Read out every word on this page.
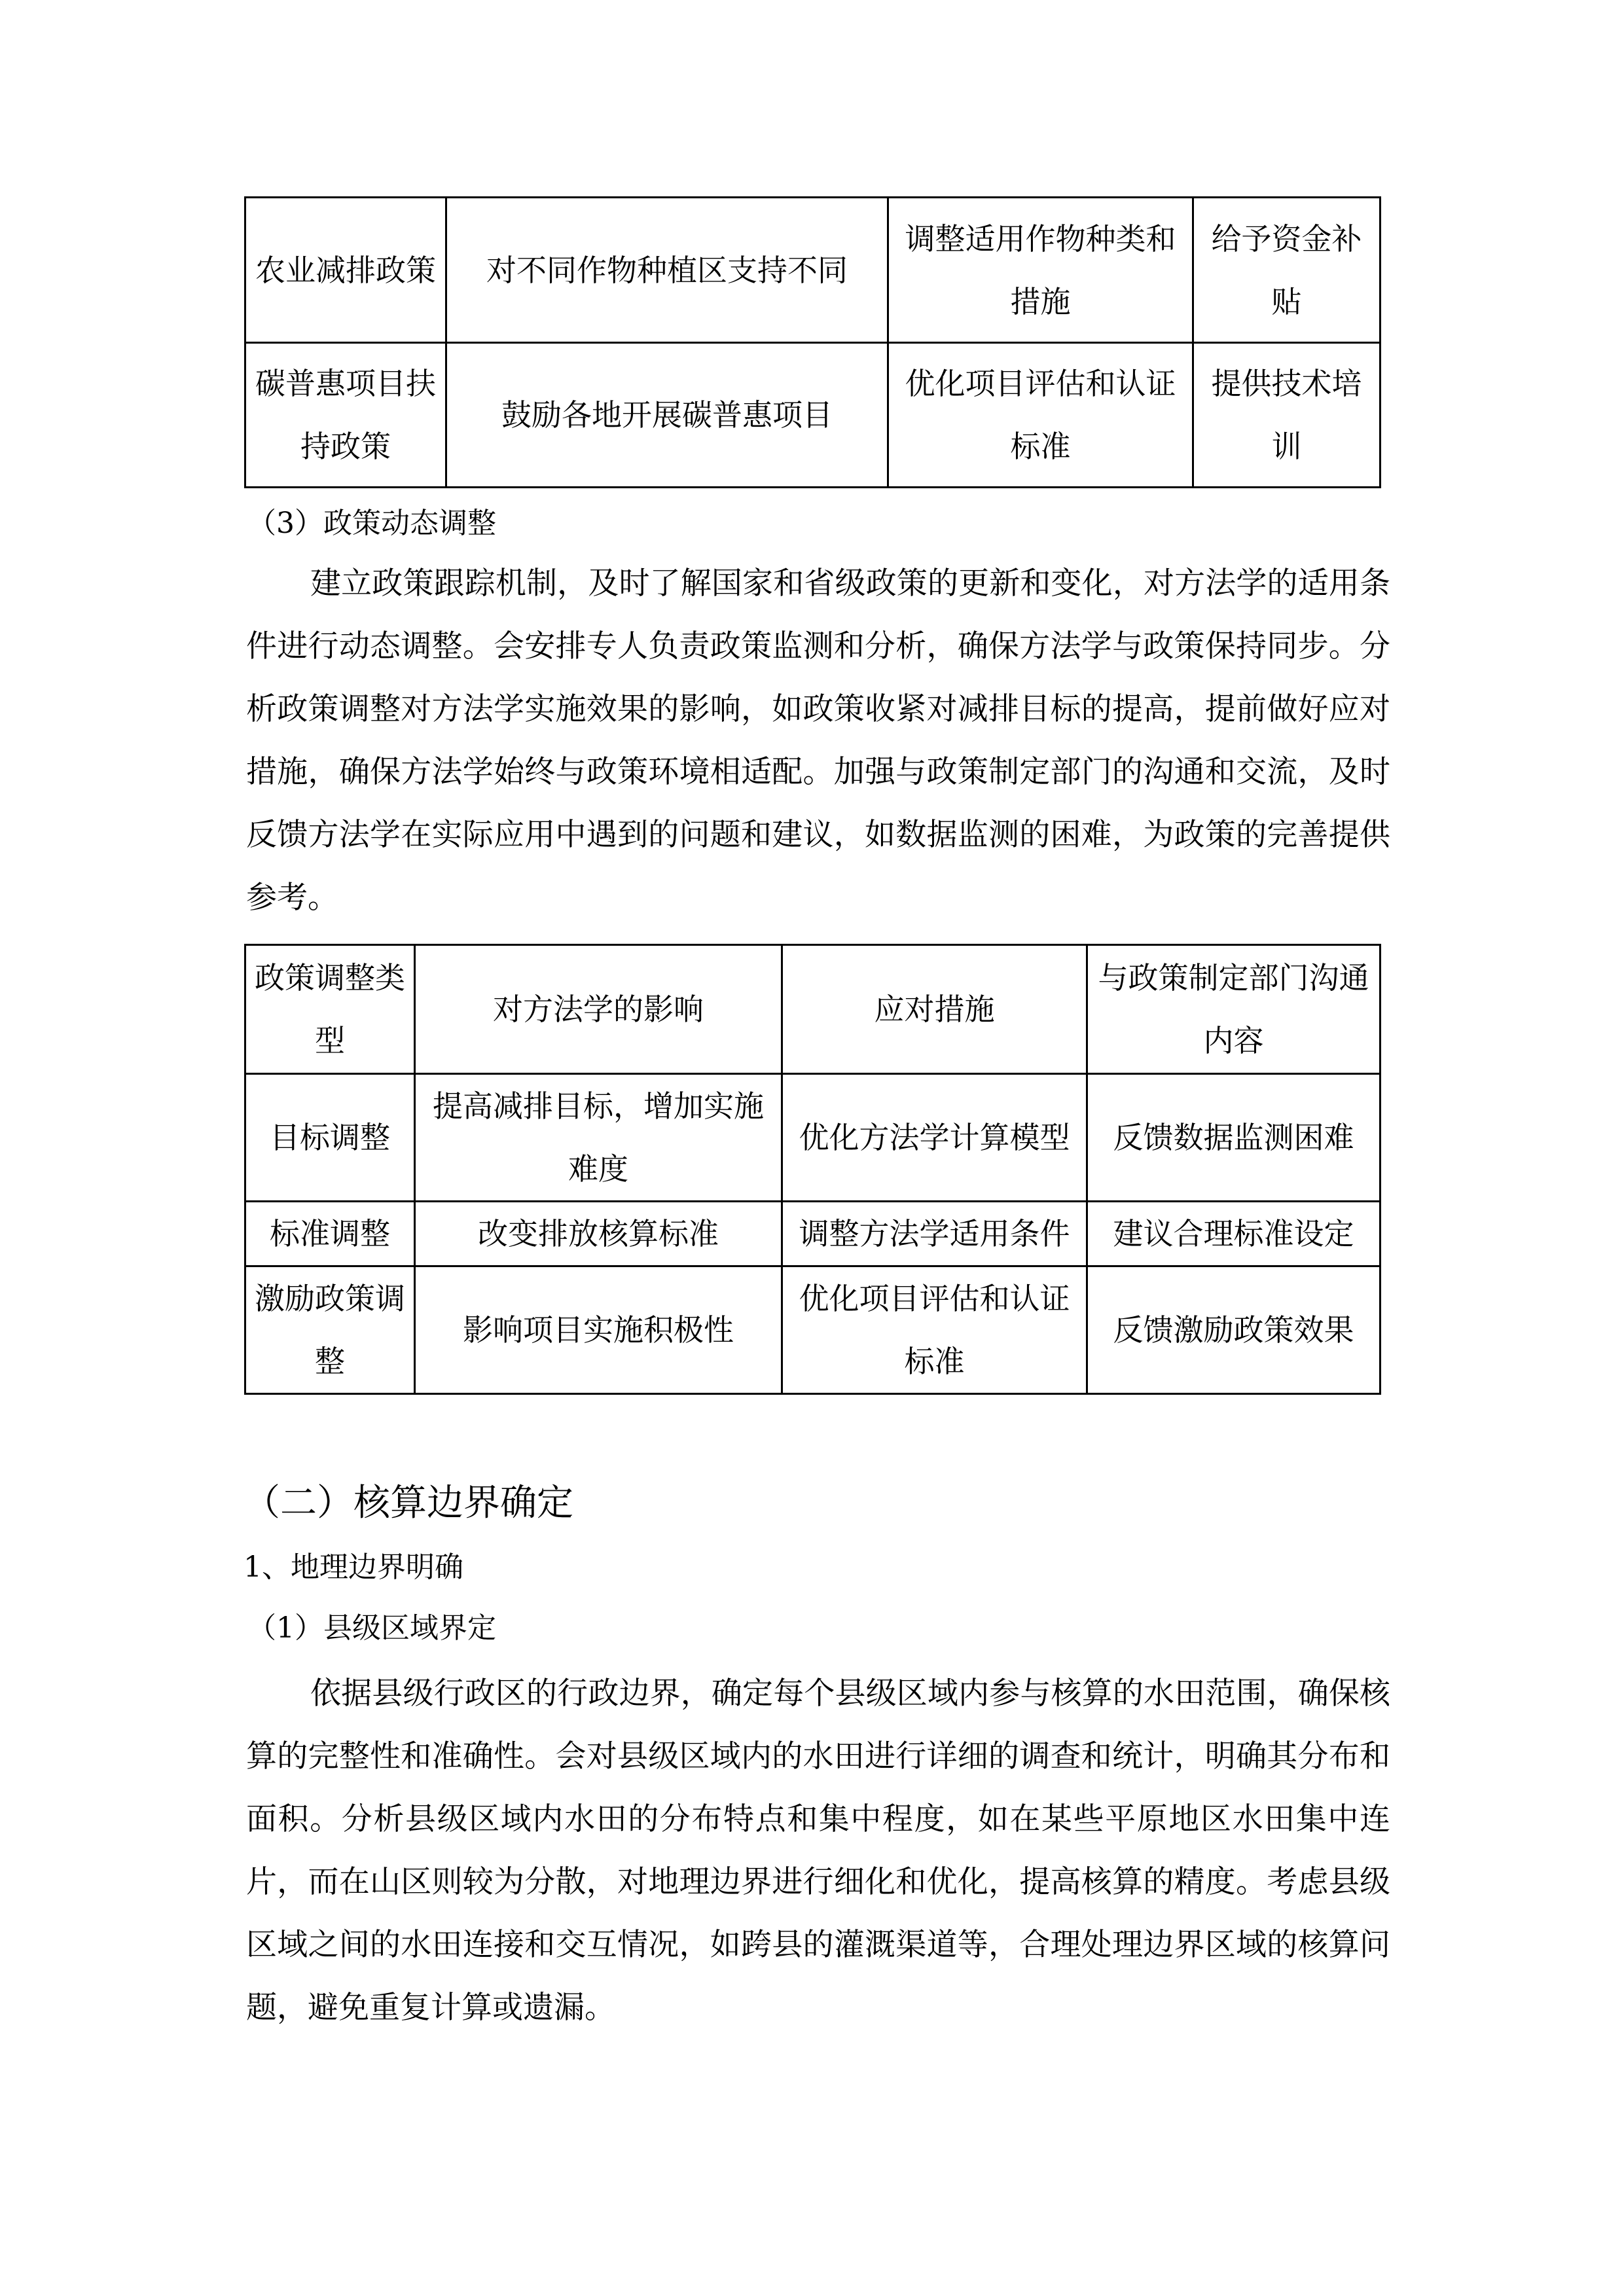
农业减排政策	对不同作物种植区支持不同	调整适用作物种类和措施	给予资金补贴
碳普惠项目扶持政策	鼓励各地开展碳普惠项目	优化项目评估和认证标准	提供技术培训
（3）政策动态调整
建立政策跟踪机制，及时了解国家和省级政策的更新和变化，对方法学的适用条件进行动态调整。会安排专人负责政策监测和分析，确保方法学与政策保持同步。分析政策调整对方法学实施效果的影响，如政策收紧对减排目标的提高，提前做好应对措施，确保方法学始终与政策环境相适配。加强与政策制定部门的沟通和交流，及时反馈方法学在实际应用中遇到的问题和建议，如数据监测的困难，为政策的完善提供参考。
政策调整类型	对方法学的影响	应对措施	与政策制定部门沟通内容
目标调整	提高减排目标，增加实施难度	优化方法学计算模型	反馈数据监测困难
标准调整	改变排放核算标准	调整方法学适用条件	建议合理标准设定
激励政策调整	影响项目实施积极性	优化项目评估和认证标准	反馈激励政策效果
（二）核算边界确定
1、地理边界明确
（1）县级区域界定
依据县级行政区的行政边界，确定每个县级区域内参与核算的水田范围，确保核算的完整性和准确性。会对县级区域内的水田进行详细的调查和统计，明确其分布和面积。分析县级区域内水田的分布特点和集中程度，如在某些平原地区水田集中连片，而在山区则较为分散，对地理边界进行细化和优化，提高核算的精度。考虑县级区域之间的水田连接和交互情况，如跨县的灌溉渠道等，合理处理边界区域的核算问题，避免重复计算或遗漏。
